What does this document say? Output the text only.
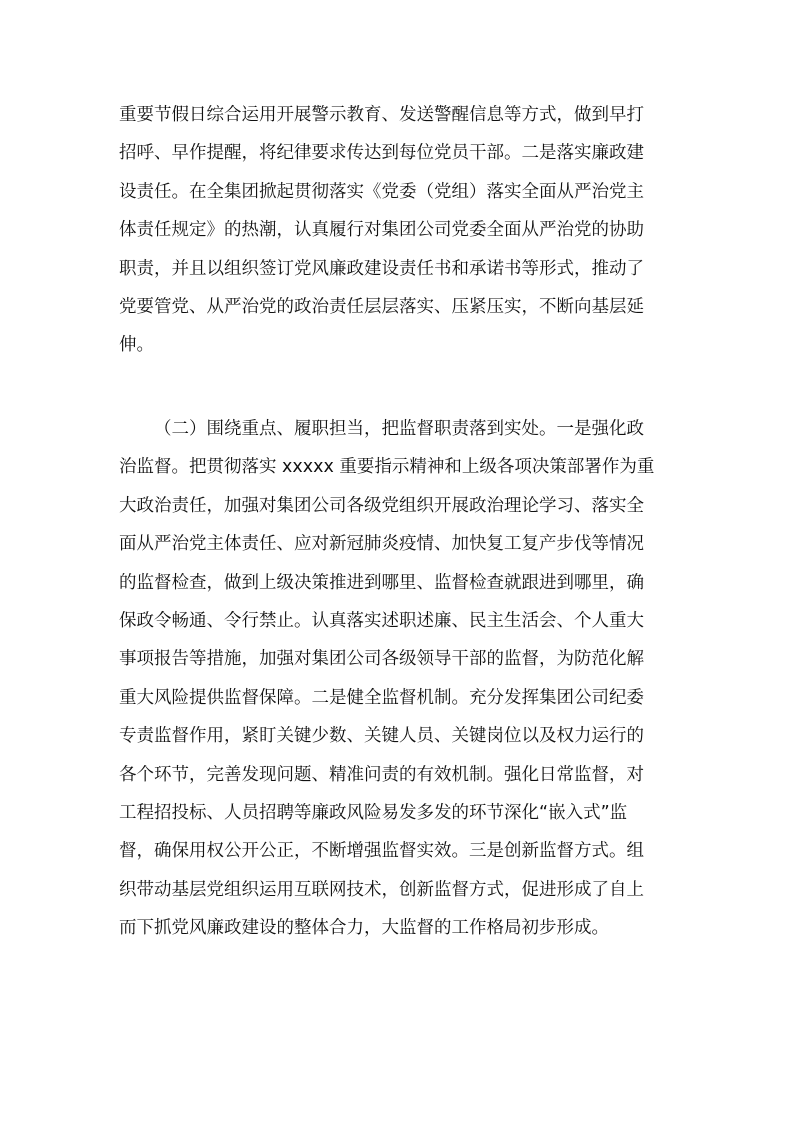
重要节假日综合运用开展警示教育、发送警醒信息等方式，做到早打
招呼、早作提醒，将纪律要求传达到每位党员干部。二是落实廉政建
设责任。在全集团掀起贯彻落实《党委（党组）落实全面从严治党主
体责任规定》的热潮，认真履行对集团公司党委全面从严治党的协助
职责，并且以组织签订党风廉政建设责任书和承诺书等形式，推动了
党要管党、从严治党的政治责任层层落实、压紧压实，不断向基层延
伸。
（二）围绕重点、履职担当，把监督职责落到实处。一是强化政
治监督。把贯彻落实 xxxxx 重要指示精神和上级各项决策部署作为重
大政治责任，加强对集团公司各级党组织开展政治理论学习、落实全
面从严治党主体责任、应对新冠肺炎疫情、加快复工复产步伐等情况
的监督检查，做到上级决策推进到哪里、监督检查就跟进到哪里，确
保政令畅通、令行禁止。认真落实述职述廉、民主生活会、个人重大
事项报告等措施，加强对集团公司各级领导干部的监督，为防范化解
重大风险提供监督保障。二是健全监督机制。充分发挥集团公司纪委
专责监督作用，紧盯关键少数、关键人员、关键岗位以及权力运行的
各个环节，完善发现问题、精准问责的有效机制。强化日常监督，对
工程招投标、人员招聘等廉政风险易发多发的环节深化“嵌入式”监
督，确保用权公开公正，不断增强监督实效。三是创新监督方式。组
织带动基层党组织运用互联网技术，创新监督方式，促进形成了自上
而下抓党风廉政建设的整体合力，大监督的工作格局初步形成。
